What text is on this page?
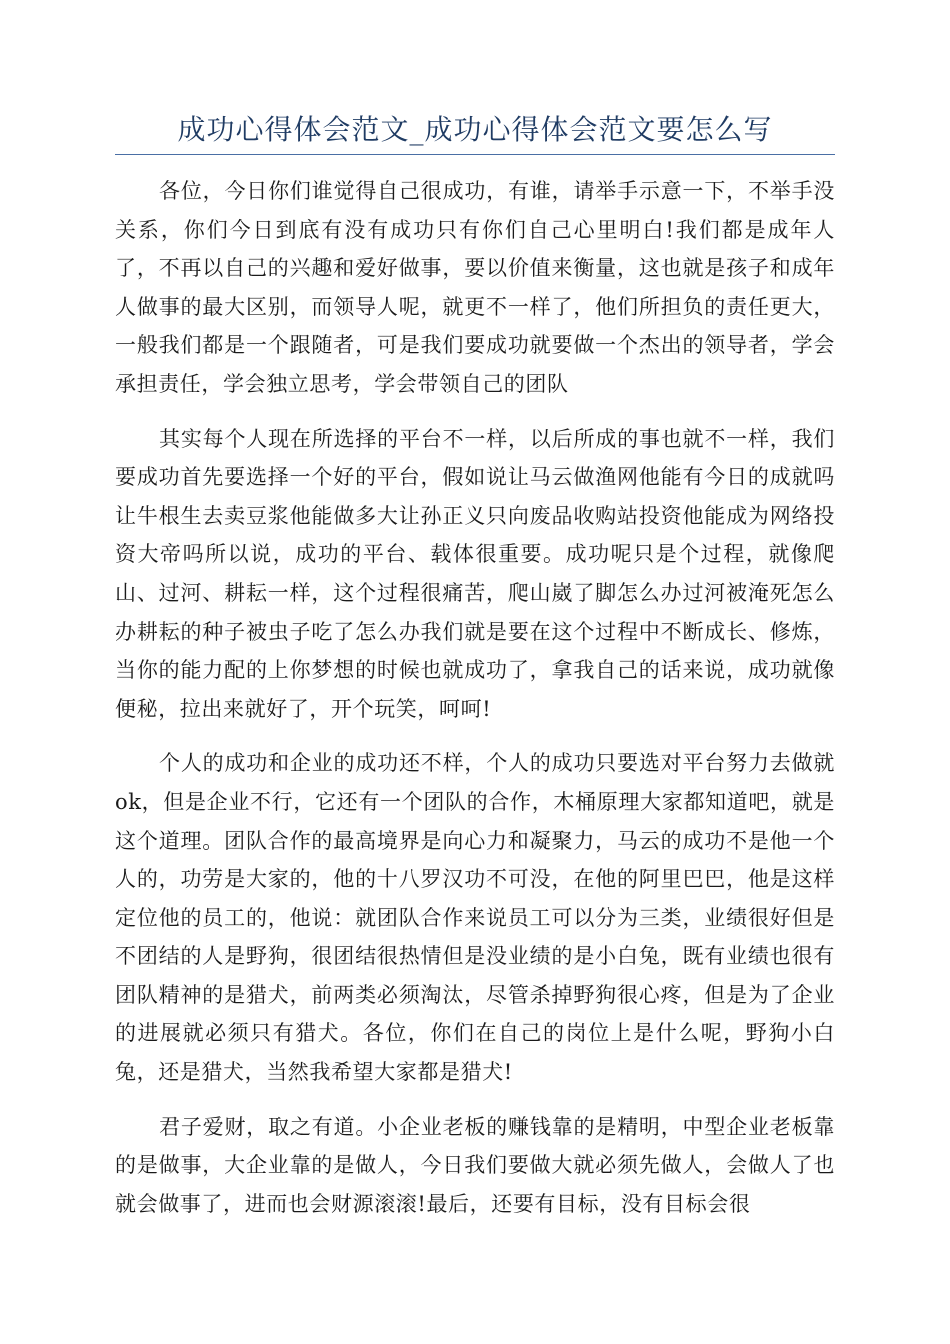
成功心得体会范文_成功心得体会范文要怎么写

各位，今日你们谁觉得自己很成功，有谁，请举手示意一下，不举手没关系，你们今日到底有没有成功只有你们自己心里明白!我们都是成年人了，不再以自己的兴趣和爱好做事，要以价值来衡量，这也就是孩子和成年人做事的最大区别，而领导人呢，就更不一样了，他们所担负的责任更大，一般我们都是一个跟随者，可是我们要成功就要做一个杰出的领导者，学会承担责任，学会独立思考，学会带领自己的团队

其实每个人现在所选择的平台不一样，以后所成的事也就不一样，我们要成功首先要选择一个好的平台，假如说让马云做渔网他能有今日的成就吗让牛根生去卖豆浆他能做多大让孙正义只向废品收购站投资他能成为网络投资大帝吗所以说，成功的平台、载体很重要。成功呢只是个过程，就像爬山、过河、耕耘一样，这个过程很痛苦，爬山崴了脚怎么办过河被淹死怎么办耕耘的种子被虫子吃了怎么办我们就是要在这个过程中不断成长、修炼，当你的能力配的上你梦想的时候也就成功了，拿我自己的话来说，成功就像便秘，拉出来就好了，开个玩笑，呵呵!

个人的成功和企业的成功还不样，个人的成功只要选对平台努力去做就ok，但是企业不行，它还有一个团队的合作，木桶原理大家都知道吧，就是这个道理。团队合作的最高境界是向心力和凝聚力，马云的成功不是他一个人的，功劳是大家的，他的十八罗汉功不可没，在他的阿里巴巴，他是这样定位他的员工的，他说：就团队合作来说员工可以分为三类，业绩很好但是不团结的人是野狗，很团结很热情但是没业绩的是小白兔，既有业绩也很有团队精神的是猎犬，前两类必须淘汰，尽管杀掉野狗很心疼，但是为了企业的进展就必须只有猎犬。各位，你们在自己的岗位上是什么呢，野狗小白兔，还是猎犬，当然我希望大家都是猎犬!

君子爱财，取之有道。小企业老板的赚钱靠的是精明，中型企业老板靠的是做事，大企业靠的是做人，今日我们要做大就必须先做人，会做人了也就会做事了，进而也会财源滚滚!最后，还要有目标，没有目标会很
